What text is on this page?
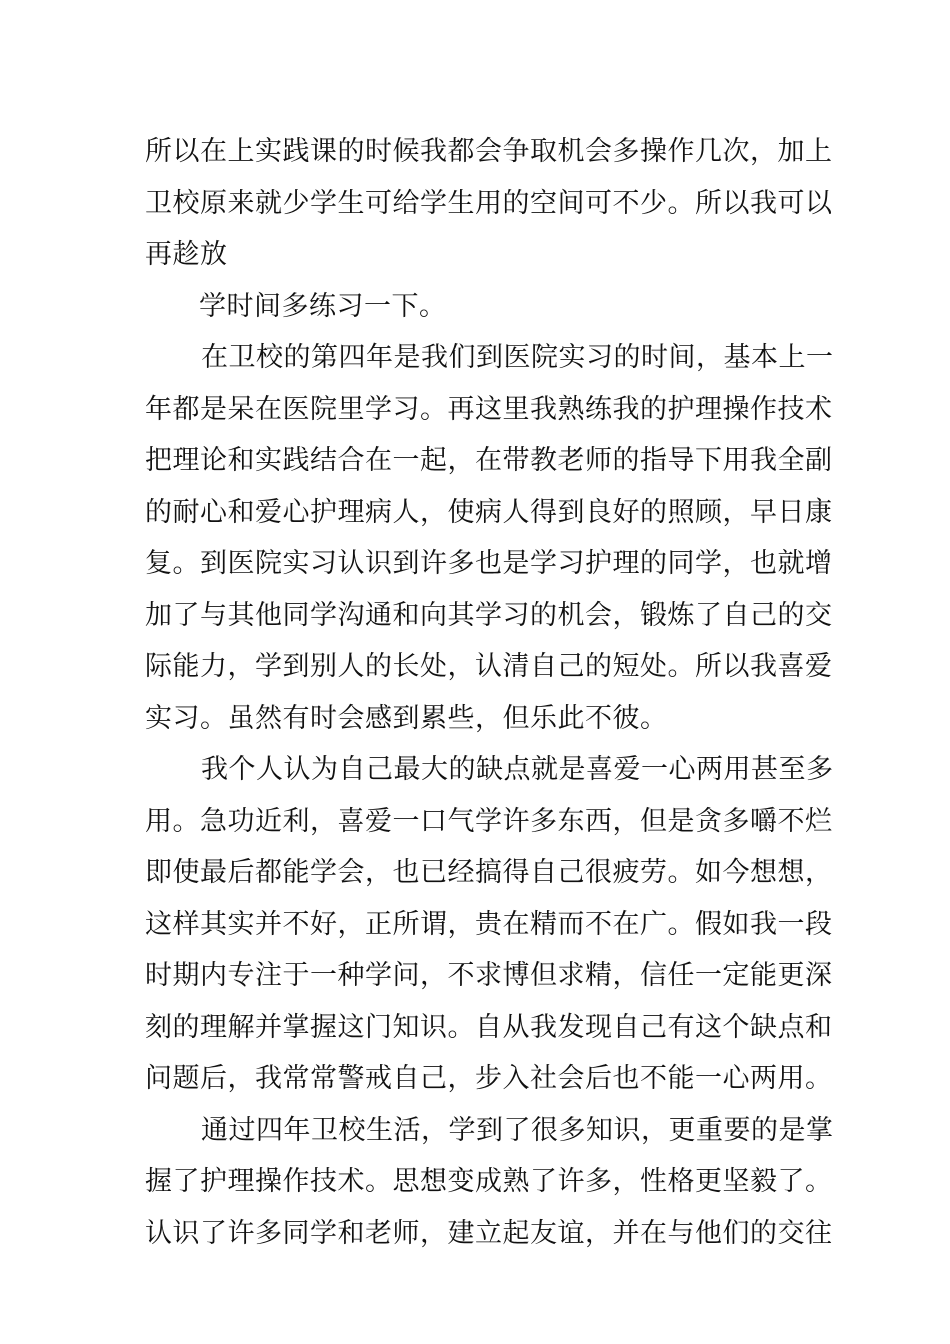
所以在上实践课的时候我都会争取机会多操作几次，加上
卫校原来就少学生可给学生用的空间可不少。所以我可以
再趁放
学时间多练习一下。
在卫校的第四年是我们到医院实习的时间，基本上一
年都是呆在医院里学习。再这里我熟练我的护理操作技术
把理论和实践结合在一起，在带教老师的指导下用我全副
的耐心和爱心护理病人，使病人得到良好的照顾，早日康
复。到医院实习认识到许多也是学习护理的同学，也就增
加了与其他同学沟通和向其学习的机会，锻炼了自己的交
际能力，学到别人的长处，认清自己的短处。所以我喜爱
实习。虽然有时会感到累些，但乐此不彼。
我个人认为自己最大的缺点就是喜爱一心两用甚至多
用。急功近利，喜爱一口气学许多东西，但是贪多嚼不烂
即使最后都能学会，也已经搞得自己很疲劳。如今想想，
这样其实并不好，正所谓，贵在精而不在广。假如我一段
时期内专注于一种学问，不求博但求精，信任一定能更深
刻的理解并掌握这门知识。自从我发现自己有这个缺点和
问题后，我常常警戒自己，步入社会后也不能一心两用。
通过四年卫校生活，学到了很多知识，更重要的是掌
握了护理操作技术。思想变成熟了许多，性格更坚毅了。
认识了许多同学和老师，建立起友谊，并在与他们的交往
